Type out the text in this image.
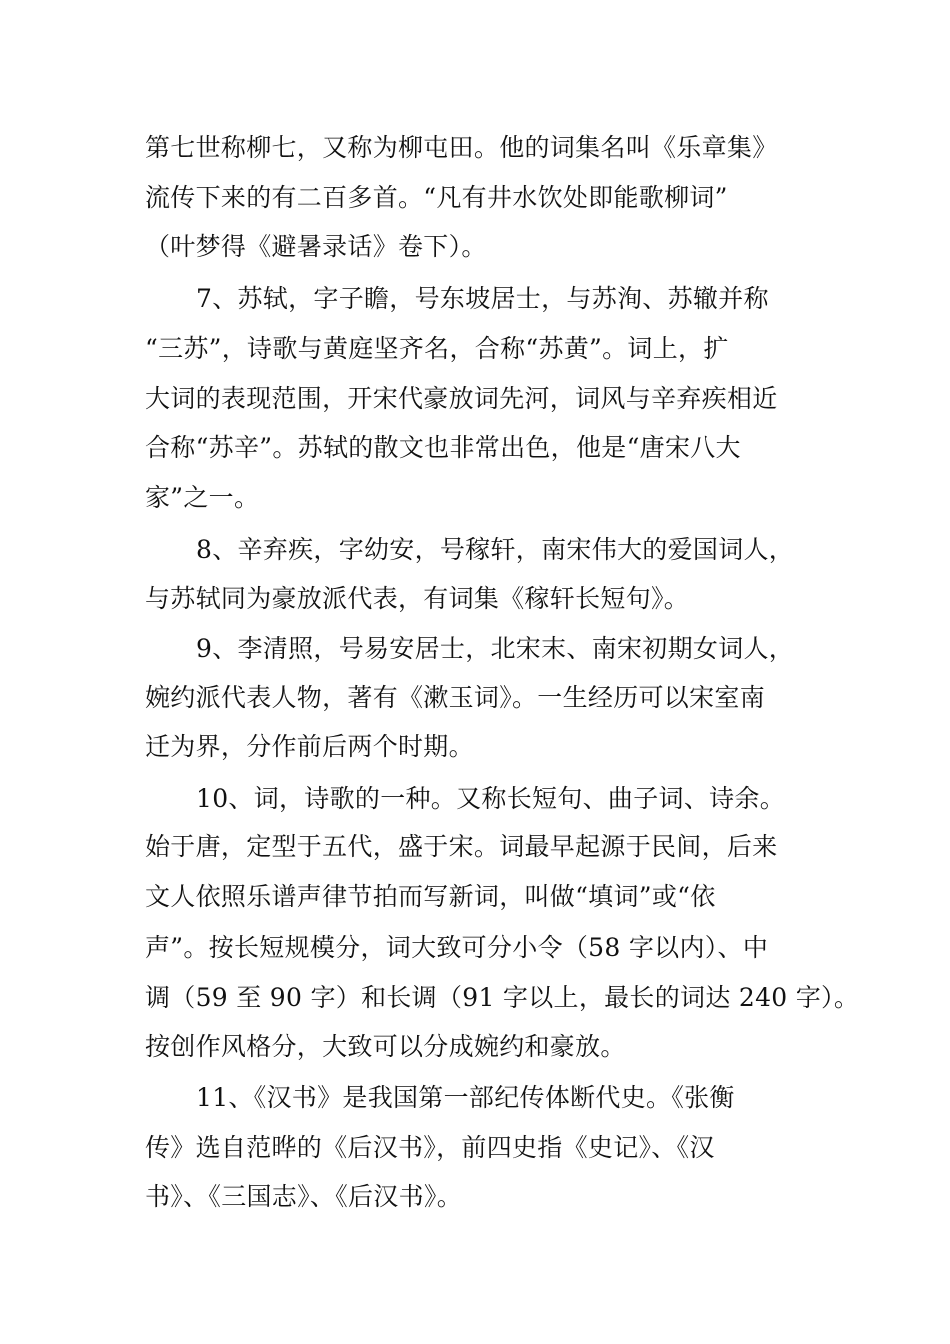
第七世称柳七，又称为柳屯田。他的词集名叫《乐章集》

流传下来的有二百多首。“凡有井水饮处即能歌柳词”

（叶梦得《避暑录话》卷下）。

7、苏轼，字子瞻，号东坡居士，与苏洵、苏辙并称

“三苏”，诗歌与黄庭坚齐名，合称“苏黄”。词上，扩

大词的表现范围，开宋代豪放词先河，词风与辛弃疾相近

合称“苏辛”。苏轼的散文也非常出色，他是“唐宋八大

家”之一。

8、辛弃疾，字幼安，号稼轩，南宋伟大的爱国词人，

与苏轼同为豪放派代表，有词集《稼轩长短句》。

9、李清照，号易安居士，北宋末、南宋初期女词人，

婉约派代表人物，著有《漱玉词》。一生经历可以宋室南

迁为界，分作前后两个时期。

10、词，诗歌的一种。又称长短句、曲子词、诗余。

始于唐，定型于五代，盛于宋。词最早起源于民间，后来

文人依照乐谱声律节拍而写新词，叫做“填词”或“依

声”。按长短规模分，词大致可分小令（58 字以内）、中

调（59 至 90 字）和长调（91 字以上，最长的词达 240 字）。

按创作风格分，大致可以分成婉约和豪放。

11、《汉书》是我国第一部纪传体断代史。《张衡

传》选自范晔的《后汉书》，前四史指《史记》、《汉

书》、《三国志》、《后汉书》。
